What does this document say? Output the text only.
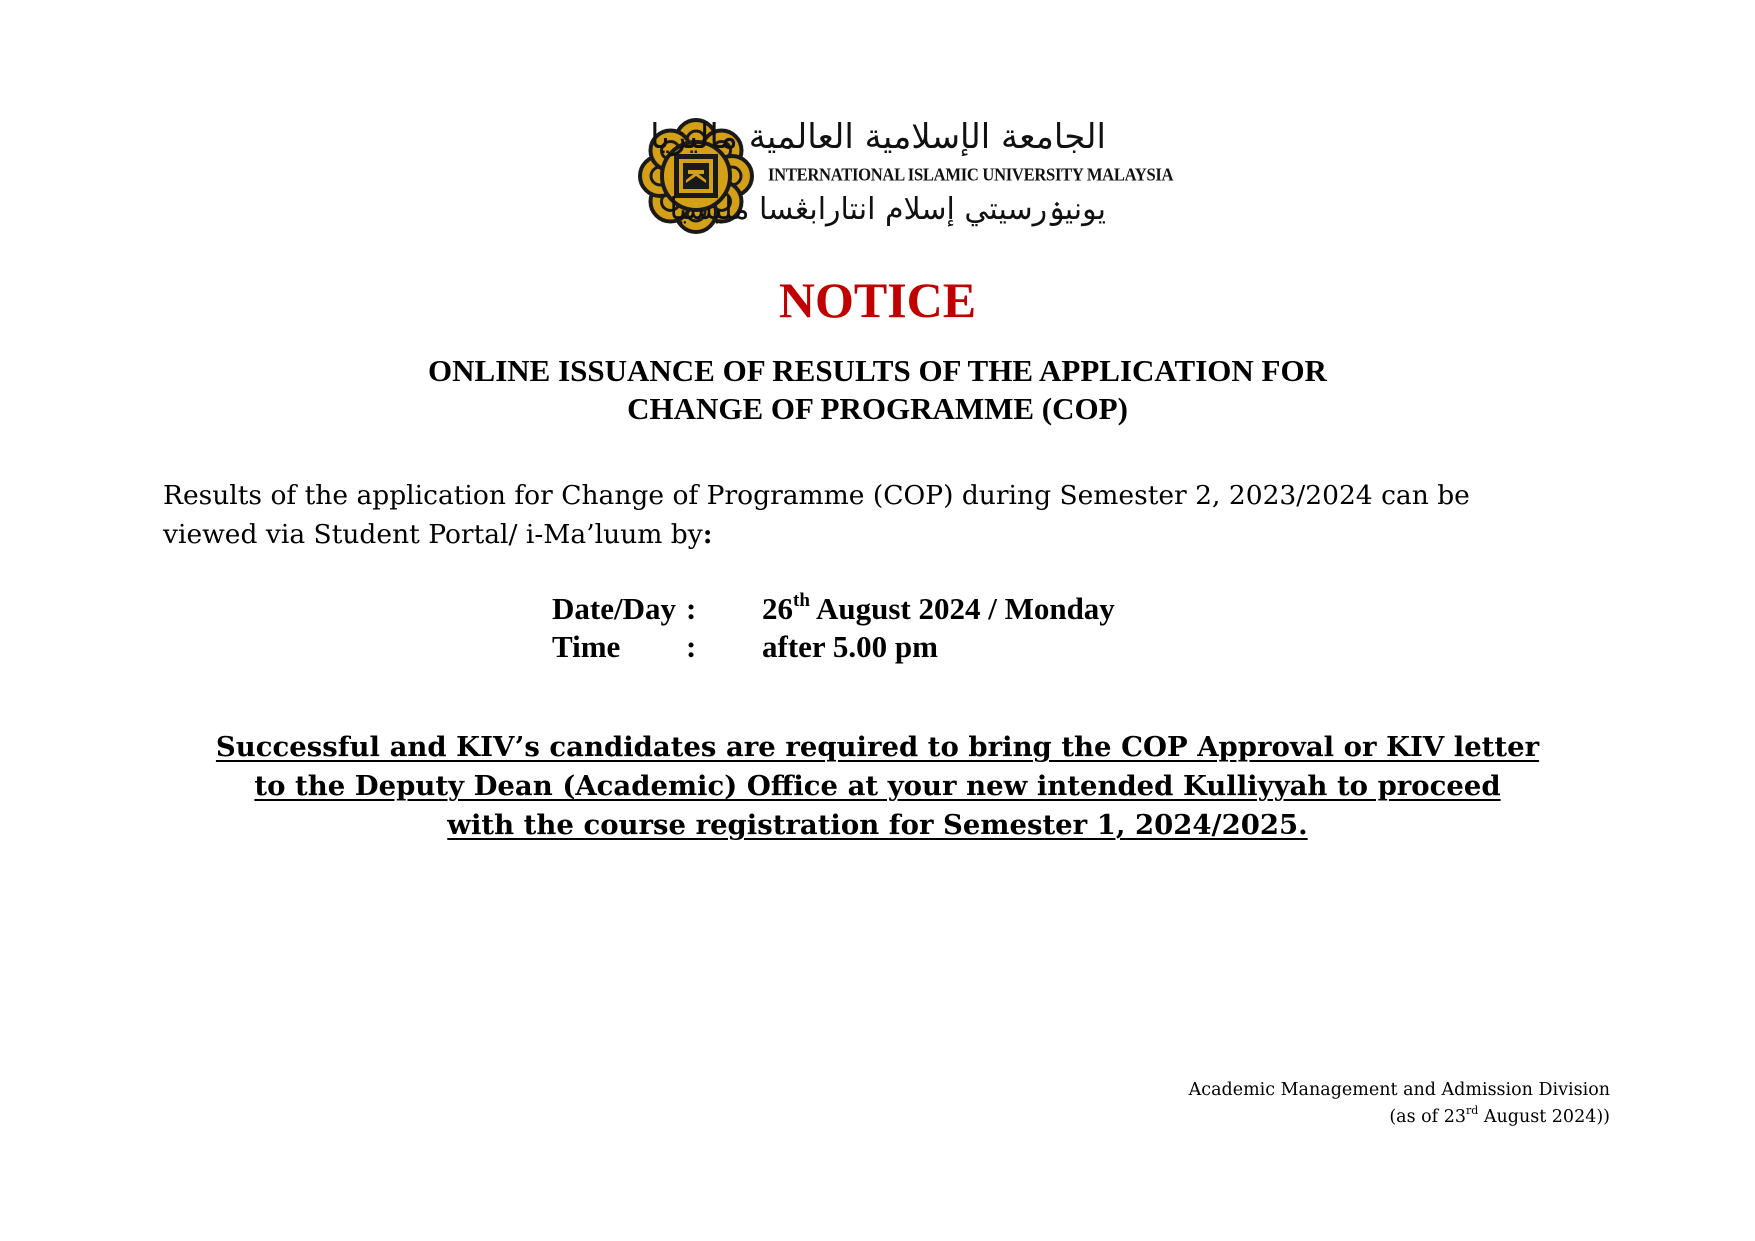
الجامعة الإسلامية العالمية ماليزيا
INTERNATIONAL ISLAMIC UNIVERSITY MALAYSIA
يونيۏرسيتي إسلام انتارابڠسا مليسيا
NOTICE
ONLINE ISSUANCE OF RESULTS OF THE APPLICATION FOR
CHANGE OF PROGRAMME (COP)
Results of the application for Change of Programme (COP) during Semester 2, 2023/2024 can be
viewed via Student Portal/ i-Ma’luum by:
Date/Day : 26th August 2024 / Monday
Time : after 5.00 pm
Successful and KIV’s candidates are required to bring the COP Approval or KIV letter
to the Deputy Dean (Academic) Office at your new intended Kulliyyah to proceed
with the course registration for Semester 1, 2024/2025.
Academic Management and Admission Division
(as of 23rd August 2024))
